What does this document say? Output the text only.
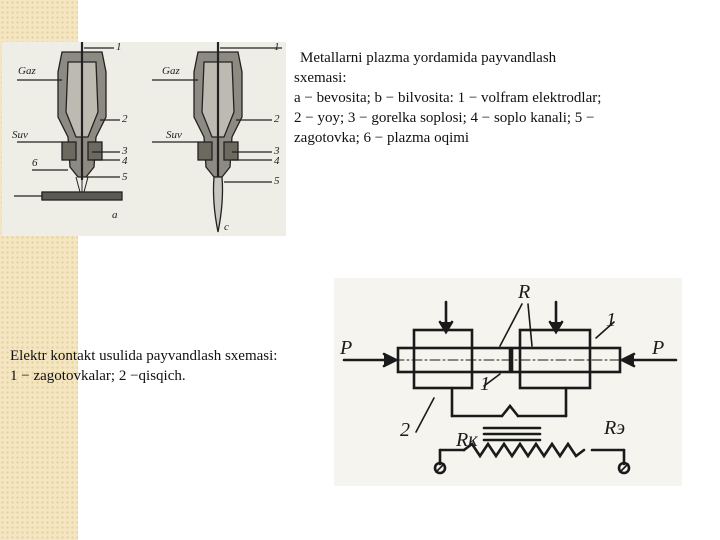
Gaz	Gaz
Suv	Suv
a
c
1
2
3
4
5
6
1
2
3
4
5
Metallarni plazma yordamida payvandlash
sxemasi:
a − bevosita; b − bilvosita: 1 − volfram elektrodlar;
2 − yoy; 3 − gorelka soplosi; 4 − soplo kanali; 5 −
zagotovka; 6 − plazma oqimi
Elektr kontakt usulida payvandlash sxemasi:
1 − zagotovkalar; 2 −qisqich.
R
P	P
1
1
2 Rк
Rэ
